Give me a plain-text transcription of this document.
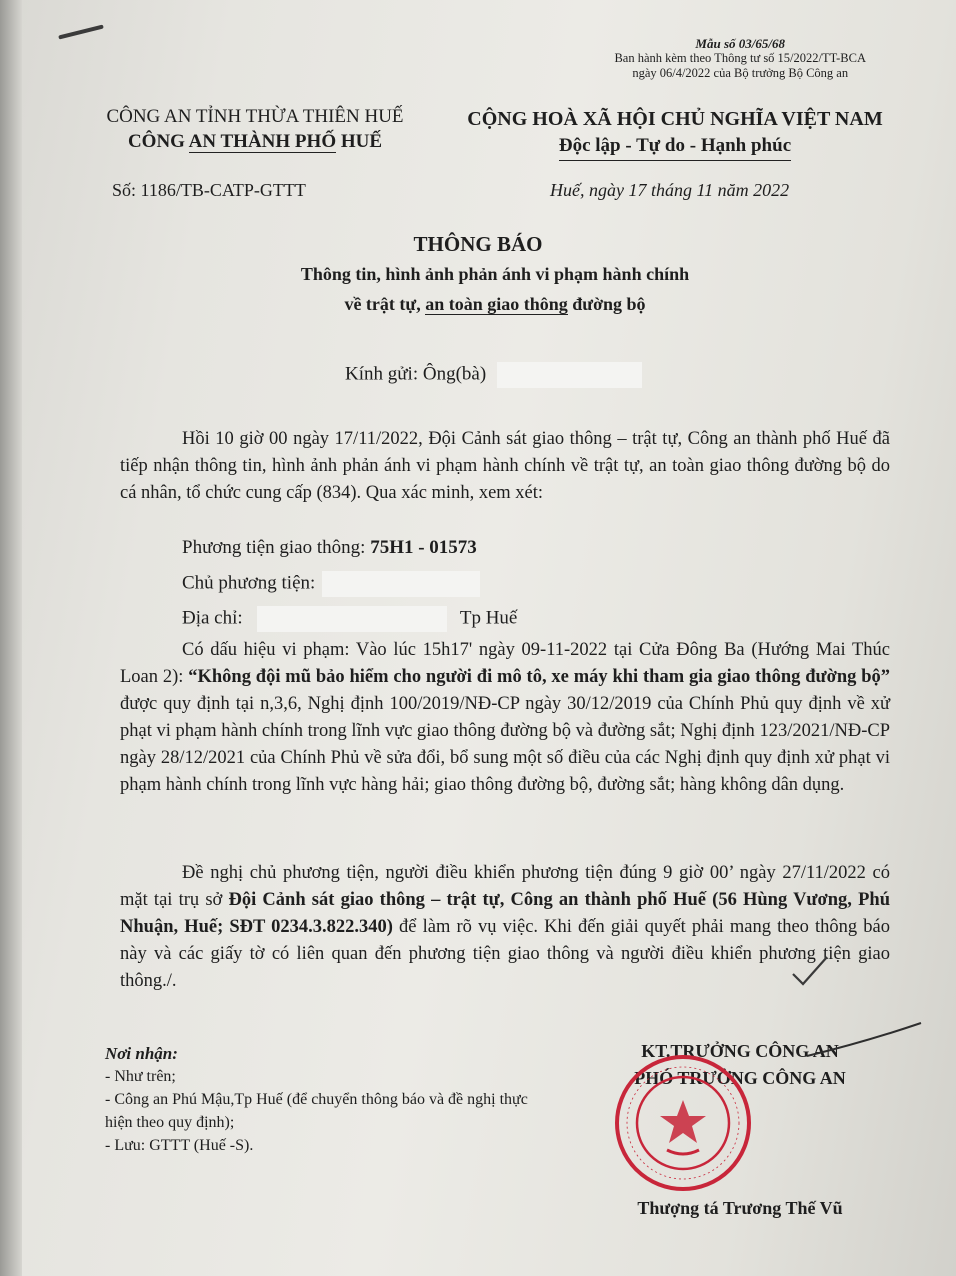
Mẫu số 03/65/68
Ban hành kèm theo Thông tư số 15/2022/TT-BCA
ngày 06/4/2022 của Bộ trưởng Bộ Công an
CÔNG AN TỈNH THỪA THIÊN HUẾ
CÔNG AN THÀNH PHỐ HUẾ
CỘNG HOÀ XÃ HỘI CHỦ NGHĨA VIỆT NAM
Độc lập - Tự do - Hạnh phúc
Số: 1186/TB-CATP-GTTT	Huế, ngày 17 tháng 11 năm 2022
THÔNG BÁO
Thông tin, hình ảnh phản ánh vi phạm hành chính
về trật tự, an toàn giao thông đường bộ
Kính gửi: Ông(bà)
Hồi 10 giờ 00 ngày 17/11/2022, Đội Cảnh sát giao thông – trật tự, Công an thành phố Huế đã tiếp nhận thông tin, hình ảnh phản ánh vi phạm hành chính về trật tự, an toàn giao thông đường bộ do cá nhân, tổ chức cung cấp (834). Qua xác minh, xem xét:
Phương tiện giao thông: 75H1 - 01573
Chủ phương tiện:
Địa chỉ:	Tp Huế
Có dấu hiệu vi phạm: Vào lúc 15h17' ngày 09-11-2022 tại Cửa Đông Ba (Hướng Mai Thúc Loan 2): “Không đội mũ bảo hiểm cho người đi mô tô, xe máy khi tham gia giao thông đường bộ” được quy định tại n,3,6, Nghị định 100/2019/NĐ-CP ngày 30/12/2019 của Chính Phủ quy định về xử phạt vi phạm hành chính trong lĩnh vực giao thông đường bộ và đường sắt; Nghị định 123/2021/NĐ-CP ngày 28/12/2021 của Chính Phủ về sửa đổi, bổ sung một số điều của các Nghị định quy định xử phạt vi phạm hành chính trong lĩnh vực hàng hải; giao thông đường bộ, đường sắt; hàng không dân dụng.
Đề nghị chủ phương tiện, người điều khiển phương tiện đúng 9 giờ 00’ ngày 27/11/2022 có mặt tại trụ sở Đội Cảnh sát giao thông – trật tự, Công an thành phố Huế (56 Hùng Vương, Phú Nhuận, Huế; SĐT 0234.3.822.340) để làm rõ vụ việc. Khi đến giải quyết phải mang theo thông báo này và các giấy tờ có liên quan đến phương tiện giao thông và người điều khiển phương tiện giao thông./.
Nơi nhận:
- Như trên;
- Công an Phú Mậu,Tp Huế (để chuyển thông báo và đề nghị thực hiện theo quy định);
- Lưu: GTTT (Huế -S).
KT.TRƯỞNG CÔNG AN
PHÓ TRƯỞNG CÔNG AN
Thượng tá Trương Thế Vũ
